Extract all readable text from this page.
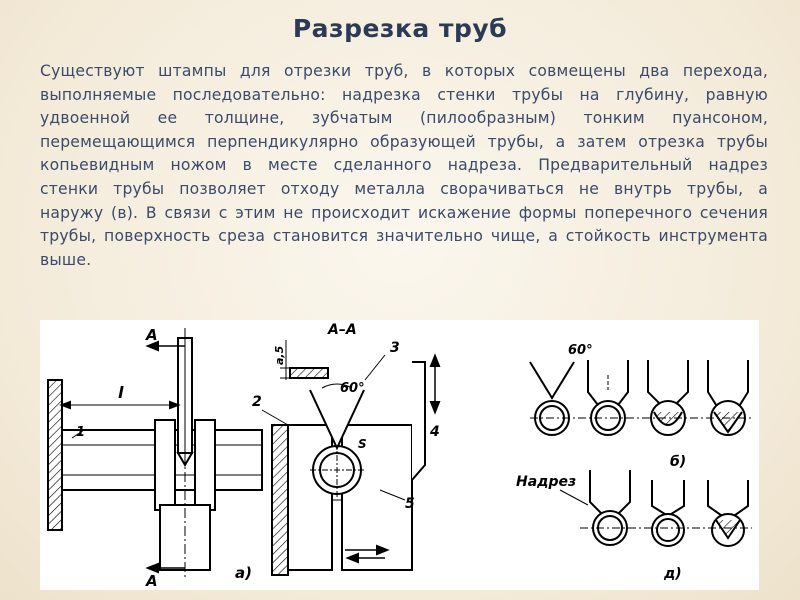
Разрезка труб

Существуют штампы для отрезки труб, в которых совмещены два перехода, выполняемые последовательно: надрезка стенки трубы на глубину, равную удвоенной ее толщине, зубчатым (пилообразным) тонким пуансоном, перемещающимся перпендикулярно образующей трубы, а затем отрезка трубы копьевидным ножом в месте сделанного надреза. Предварительный надрез стенки трубы позволяет отходу металла сворачиваться не внутрь трубы, а наружу (в). В связи с этим не происходит искажение формы поперечного сечения трубы, поверхность среза становится значительно чище, а стойкость инструмента выше.

A
A
l
1
A–A
a,5
60°
2
3
4
5
S
а)
60°
б)
Надрез
д)
